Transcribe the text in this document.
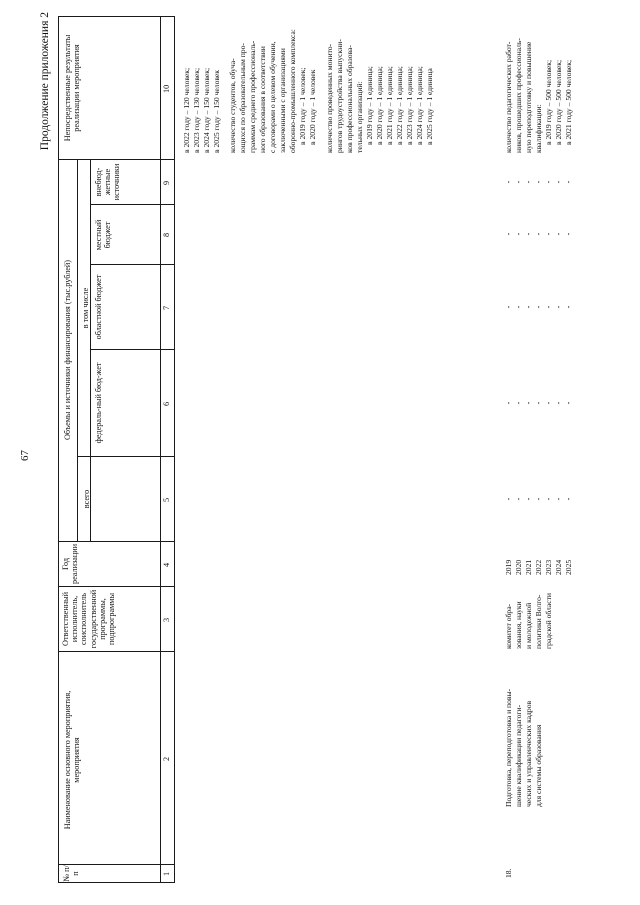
67
Продолжение приложения 2
№ п/п
Наименование основного мероприятия, мероприятия
Ответственный исполнитель, соисполнитель государственной программы, подпрограммы
Год реализации
Объемы и источники финансирования (тыс.рублей)
всего
в том числе
федераль-ный бюд-жет
областной бюджет
местный бюджет
внебюд-жетные источники
Непосредственные результаты реализации мероприятия
1
2
3
4
5
6
7
8
9
10 в 2022 году – 120 человек; в 2023 году – 130 человек; в 2024 году – 150 человек; в 2025 году – 150 человек количество студентов, обуча- ющихся по образовательным про- граммам среднего профессиональ- ного образования в соответствии с договорами о целевом обучении, заключенными с организациями оборонно-промышленного комплекса: в 2019 году – 1 человек; в 2020 году – 1 человек количество проведенных монито- рингов трудоустройства выпускни- ков профессиональных образова- тельных организаций: в 2019 году – 1 единица; в 2020 году – 1 единица; в 2021 году – 1 единица; в 2022 году – 1 единица; в 2023 году – 1 единица; в 2024 году – 1 единица; в 2025 году – 1 единица
18.
Подготовка, переподготовка и повы- шение квалификации педагоги- ческих и управленческих кадров для системы образования
комитет обра- зования, науки и молодежной политики Волго- градской области
2019 2020 2021 2022 2023 2024 2025
- - - - - - -
- - - - - - -
- - - - - - -
- - - - - - -
- - - - - - -
количество педагогических работ- ников, прошедших профессиональ- ную переподготовку и повышение квалификации: в 2019 году – 500 человек; в 2020 году – 500 человек; в 2021 году – 500 человек;
